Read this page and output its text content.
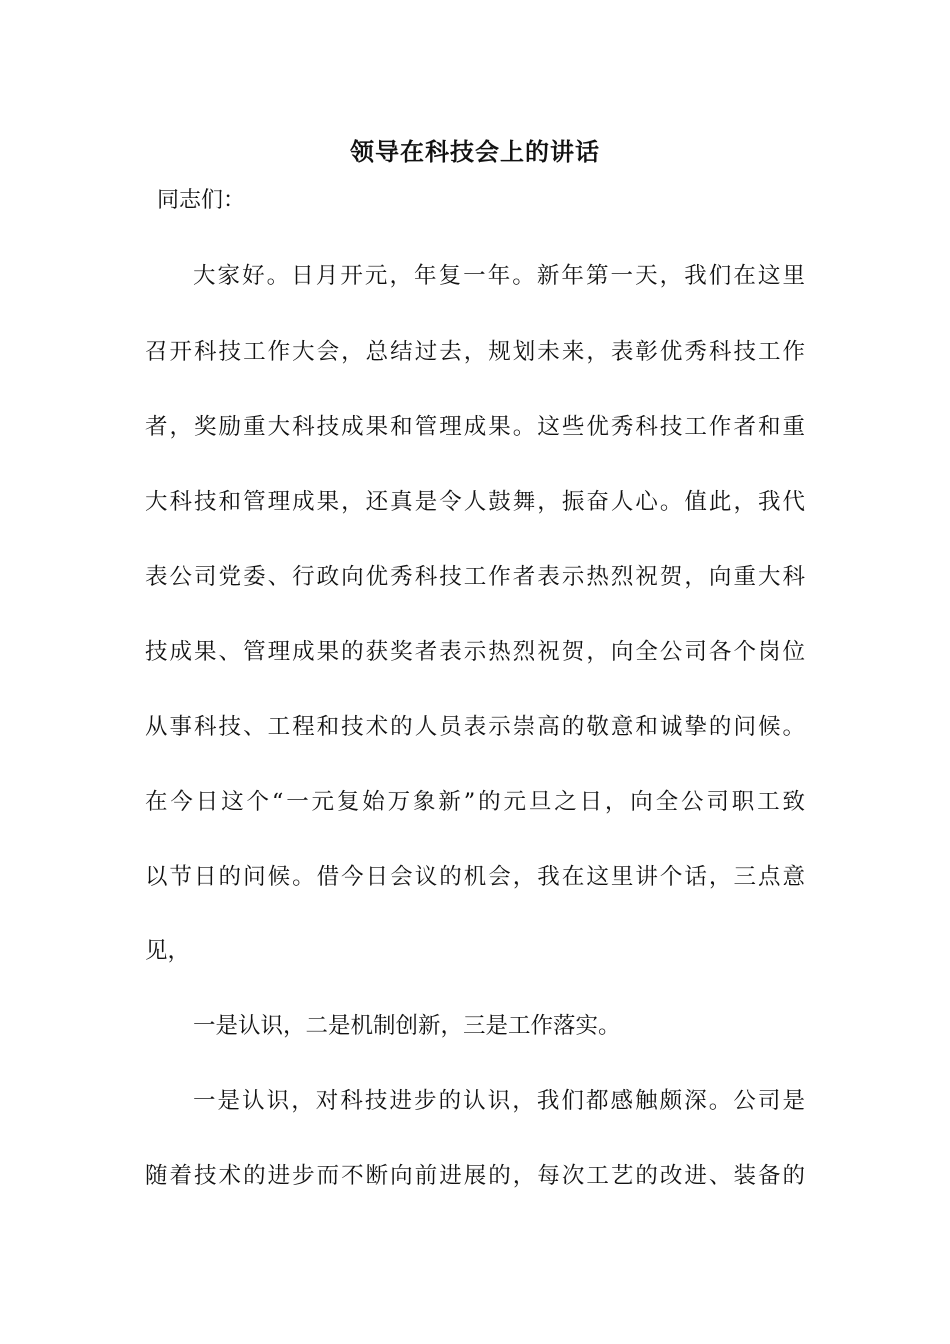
领导在科技会上的讲话

同志们：

大家好。日月开元，年复一年。新年第一天，我们在这里

召开科技工作大会，总结过去，规划未来，表彰优秀科技工作

者，奖励重大科技成果和管理成果。这些优秀科技工作者和重

大科技和管理成果，还真是令人鼓舞，振奋人心。值此，我代

表公司党委、行政向优秀科技工作者表示热烈祝贺，向重大科

技成果、管理成果的获奖者表示热烈祝贺，向全公司各个岗位

从事科技、工程和技术的人员表示崇高的敬意和诚挚的问候。

在今日这个“一元复始万象新”的元旦之日，向全公司职工致

以节日的问候。借今日会议的机会，我在这里讲个话，三点意

见，

一是认识，二是机制创新，三是工作落实。

一是认识，对科技进步的认识，我们都感触颇深。公司是

随着技术的进步而不断向前进展的，每次工艺的改进、装备的
